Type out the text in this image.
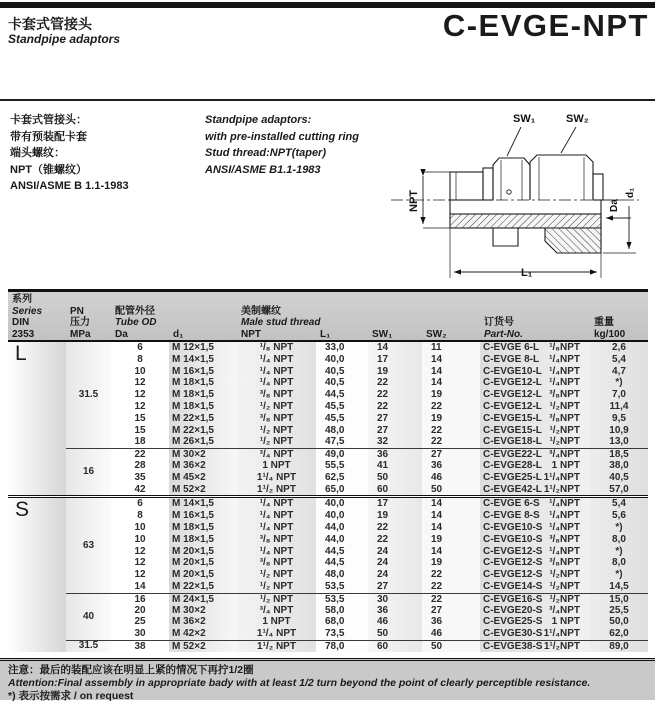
卡套式管接头
Standpipe adaptors	C-EVGE-NPT
卡套式管接头：
带有预装配卡套
端头螺纹：
NPT（锥螺纹）
ANSI/ASME B 1.1-1983
Standpipe adaptors:
with pre-installed cutting ring
Stud thread:NPT(taper)
ANSI/ASME B1.1-1983
SW₁	SW₂
NPT	Da
d₁
L₁
系列
Series
DIN
2353
PN
压力
MPa
配管外径
Tube OD
Da	d₁
美制螺纹
Male stud thread
NPT	L₁	SW₁	SW₂
订货号
Part-No.
重量
kg/100
L
31.5
6	M 12×1,5	¹/₈ NPT	33,0	14	11	C-EVGE 6-L ¹/₈NPT	2,6
8	M 14×1,5	¹/₄ NPT	40,0	17	14	C-EVGE 8-L ¹/₄NPT	5,4
10	M 16×1,5	¹/₄ NPT	40,5	19	14	C-EVGE10-L ¹/₄NPT	4,7
12	M 18×1,5	¹/₄ NPT	40,5	22	14	C-EVGE12-L ¹/₄NPT	*)
12	M 18×1,5	³/₈ NPT	44,5	22	19	C-EVGE12-L ³/₈NPT	7,0
12	M 18×1,5	¹/₂ NPT	45,5	22	22	C-EVGE12-L ¹/₂NPT	11,4
15	M 22×1,5	³/₈ NPT	45,5	27	19	C-EVGE15-L ³/₈NPT	9,5
15	M 22×1,5	¹/₂ NPT	48,0	27	22	C-EVGE15-L ¹/₂NPT	10,9
18	M 26×1,5	¹/₂ NPT	47,5	32	22	C-EVGE18-L ¹/₂NPT	13,0
16
22	M 30×2	³/₄ NPT	49,0	36	27	C-EVGE22-L ³/₄NPT	18,5
28	M 36×2	1 NPT	55,5	41	36	C-EVGE28-L 1 NPT	38,0
35	M 45×2	1¹/₄ NPT	62,5	50	46	C-EVGE25-L 1¹/₄NPT	40,5
42	M 52×2	1¹/₂ NPT	65,0	60	50	C-EVGE42-L 1¹/₂NPT	57,0
S
63
6	M 14×1,5	¹/₄ NPT	40,0	17	14	C-EVGE 6-S ¹/₄NPT	5,4
8	M 16×1,5	¹/₄ NPT	40,0	19	14	C-EVGE 8-S ¹/₄NPT	5,6
10	M 18×1,5	¹/₄ NPT	44,0	22	14	C-EVGE10-S ¹/₄NPT	*)
10	M 18×1,5	³/₈ NPT	44,0	22	19	C-EVGE10-S ³/₈NPT	8,0
12	M 20×1,5	¹/₄ NPT	44,5	24	14	C-EVGE12-S ¹/₄NPT	*)
12	M 20×1,5	³/₈ NPT	44,5	24	19	C-EVGE12-S ³/₈NPT	8,0
12	M 20×1,5	¹/₂ NPT	48,0	24	22	C-EVGE12-S ¹/₂NPT	*)
14	M 22×1,5	¹/₂ NPT	53,5	27	22	C-EVGE14-S ¹/₂NPT	14,5
40
16	M 24×1,5	¹/₂ NPT	53,5	30	22	C-EVGE16-S ¹/₂NPT	15,0
20	M 30×2	³/₄ NPT	58,0	36	27	C-EVGE20-S ³/₄NPT	25,5
25	M 36×2	1 NPT	68,0	46	36	C-EVGE25-S 1 NPT	50,0
30	M 42×2	1¹/₄ NPT	73,5	50	46	C-EVGE30-S 1¹/₄NPT	62,0
31.5	38	M 52×2	1¹/₂ NPT	78,0	60	50	C-EVGE38-S 1¹/₂NPT	89,0
注意：最后的装配应该在明显上紧的情况下再拧1/2圈
Attention:Final assembly in appropriate bady with at least 1/2 turn beyond the point of clearly perceptible resistance.
*) 表示按需求 / on request
